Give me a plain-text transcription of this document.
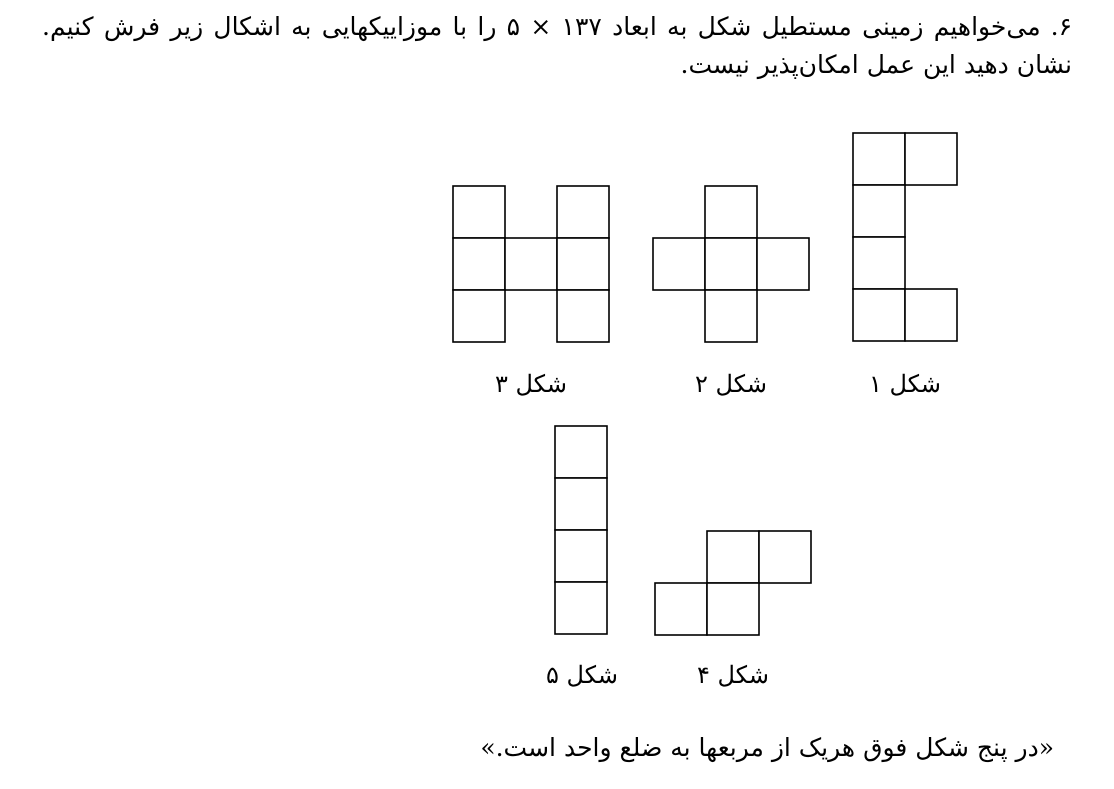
۶.می‌خواهیم زمینی مستطیل شکل به ابعاد ۱۳۷ × ۵ را با موزاییکهایی به اشکال زیر فرش کنیم. نشان دهید این عمل امکان‌پذیر نیست.
شکل ۱
شکل ۲
شکل ۳
شکل ۴
شکل ۵
«در پنج شکل فوق هریک از مربعها به ضلع واحد است.»
